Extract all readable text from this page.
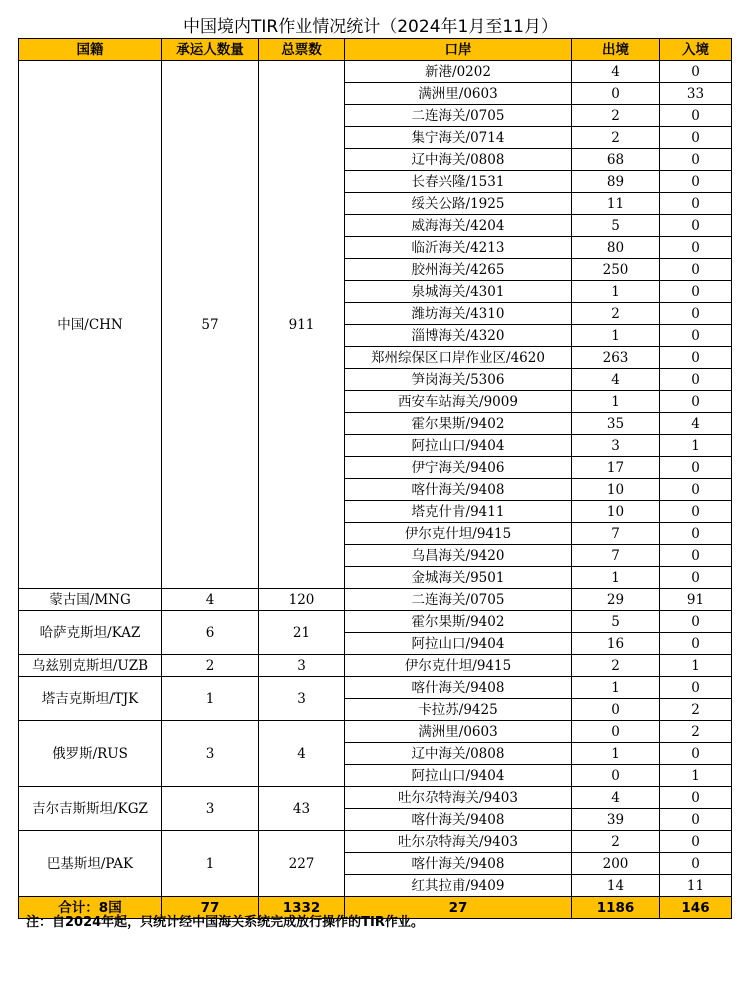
中国境内TIR作业情况统计（2024年1月至11月）
国籍	承运人数量	总票数	口岸	出境	入境
中国/CHN	57	911	新港/0202	4	0
			满洲里/0603	0	33
			二连海关/0705	2	0
			集宁海关/0714	2	0
			辽中海关/0808	68	0
			长春兴隆/1531	89	0
			绥关公路/1925	11	0
			威海海关/4204	5	0
			临沂海关/4213	80	0
			胶州海关/4265	250	0
			泉城海关/4301	1	0
			潍坊海关/4310	2	0
			淄博海关/4320	1	0
			郑州综保区口岸作业区/4620	263	0
			笋岗海关/5306	4	0
			西安车站海关/9009	1	0
			霍尔果斯/9402	35	4
			阿拉山口/9404	3	1
			伊宁海关/9406	17	0
			喀什海关/9408	10	0
			塔克什肯/9411	10	0
			伊尔克什坦/9415	7	0
			乌昌海关/9420	7	0
			金城海关/9501	1	0
蒙古国/MNG	4	120	二连海关/0705	29	91
哈萨克斯坦/KAZ	6	21	霍尔果斯/9402	5	0
			阿拉山口/9404	16	0
乌兹别克斯坦/UZB	2	3	伊尔克什坦/9415	2	1
塔吉克斯坦/TJK	1	3	喀什海关/9408	1	0
			卡拉苏/9425	0	2
俄罗斯/RUS	3	4	满洲里/0603	0	2
			辽中海关/0808	1	0
			阿拉山口/9404	0	1
吉尔吉斯斯坦/KGZ	3	43	吐尔尕特海关/9403	4	0
			喀什海关/9408	39	0
巴基斯坦/PAK	1	227	吐尔尕特海关/9403	2	0
			喀什海关/9408	200	0
			红其拉甫/9409	14	11
合计：8国	77	1332	27	1186	146
注：自2024年起，只统计经中国海关系统完成放行操作的TIR作业。
